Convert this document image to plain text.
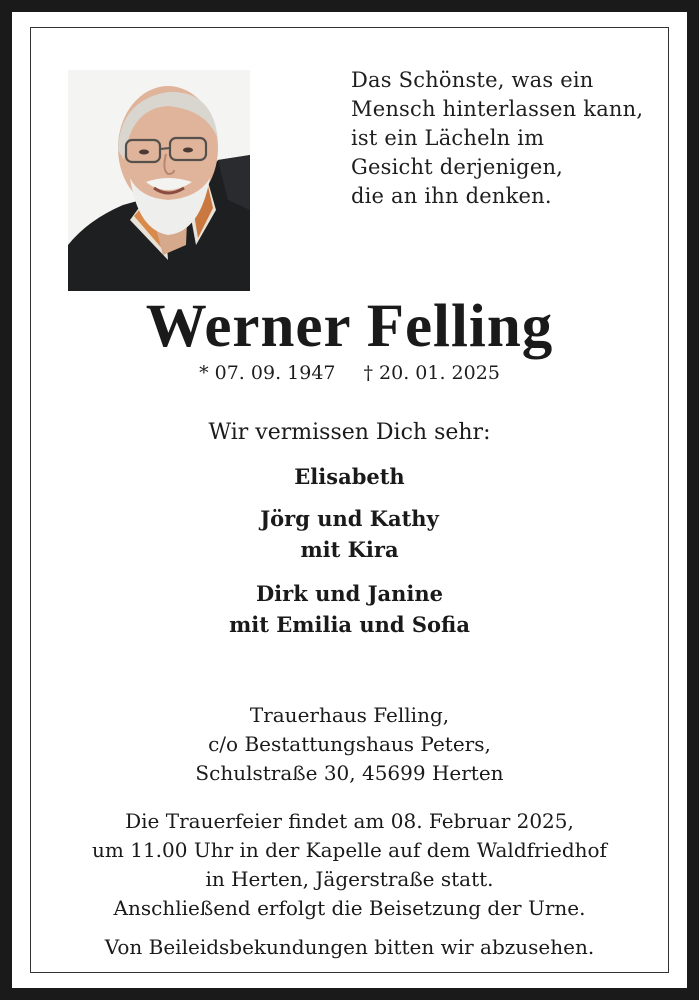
Das Schönste, was ein
Mensch hinterlassen kann,
ist ein Lächeln im
Gesicht derjenigen,
die an ihn denken.
Werner Felling
* 07. 09. 1947 † 20. 01. 2025
Wir vermissen Dich sehr:
Elisabeth
Jörg und Kathy
mit Kira
Dirk und Janine
mit Emilia und Sofia
Trauerhaus Felling,
c/o Bestattungshaus Peters,
Schulstraße 30, 45699 Herten
Die Trauerfeier findet am 08. Februar 2025,
um 11.00 Uhr in der Kapelle auf dem Waldfriedhof
in Herten, Jägerstraße statt.
Anschließend erfolgt die Beisetzung der Urne.
Von Beileidsbekundungen bitten wir abzusehen.
